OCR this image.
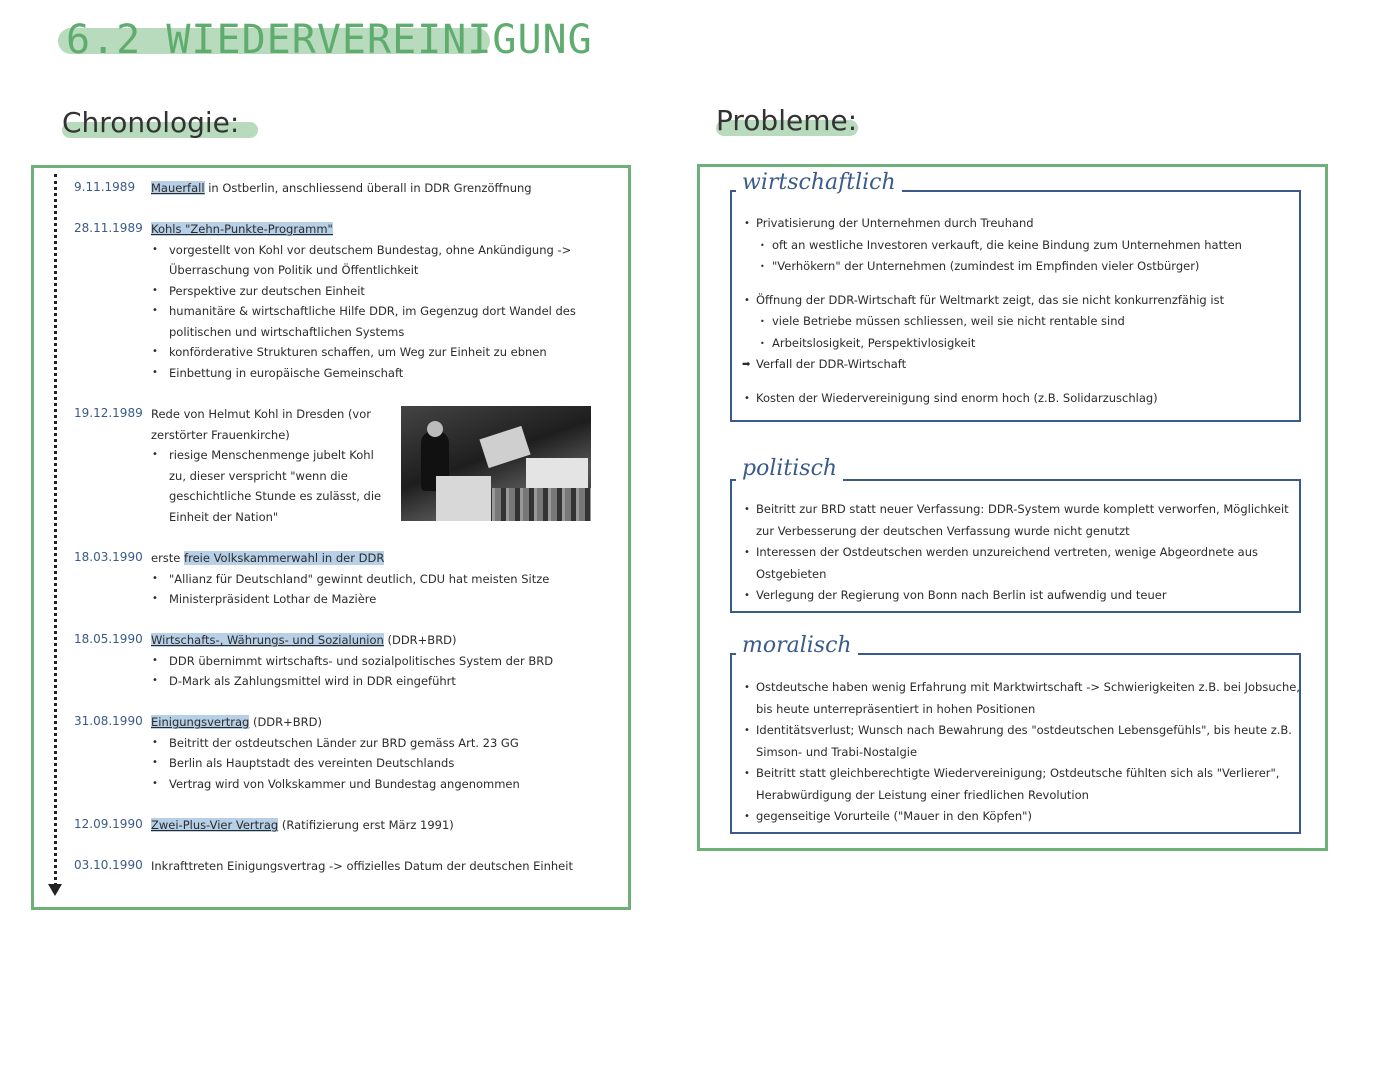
6.2 WIEDERVEREINIGUNG
Chronologie:	Probleme:
9.11.1989 Mauerfall in Ostberlin, anschliessend überall in DDR Grenzöffnung
28.11.1989 Kohls "Zehn-Punkte-Programm"
• vorgestellt von Kohl vor deutschem Bundestag, ohne Ankündigung -> Überraschung von Politik und Öffentlichkeit
• Perspektive zur deutschen Einheit
• humanitäre & wirtschaftliche Hilfe DDR, im Gegenzug dort Wandel des politischen und wirtschaftlichen Systems
• konförderative Strukturen schaffen, um Weg zur Einheit zu ebnen
• Einbettung in europäische Gemeinschaft
19.12.1989 Rede von Helmut Kohl in Dresden (vor zerstörter Frauenkirche)
• riesige Menschenmenge jubelt Kohl zu, dieser verspricht "wenn die geschichtliche Stunde es zulässt, die Einheit der Nation"
18.03.1990 erste freie Volkskammerwahl in der DDR
• "Allianz für Deutschland" gewinnt deutlich, CDU hat meisten Sitze
• Ministerpräsident Lothar de Mazière
18.05.1990 Wirtschafts-, Währungs- und Sozialunion (DDR+BRD)
• DDR übernimmt wirtschafts- und sozialpolitisches System der BRD
• D-Mark als Zahlungsmittel wird in DDR eingeführt
31.08.1990 Einigungsvertrag (DDR+BRD)
• Beitritt der ostdeutschen Länder zur BRD gemäss Art. 23 GG
• Berlin als Hauptstadt des vereinten Deutschlands
• Vertrag wird von Volkskammer und Bundestag angenommen
12.09.1990 Zwei-Plus-Vier Vertrag (Ratifizierung erst März 1991)
03.10.1990 Inkrafttreten Einigungsvertrag -> offizielles Datum der deutschen Einheit
• Privatisierung der Unternehmen durch Treuhand
• oft an westliche Investoren verkauft, die keine Bindung zum Unternehmen hatten
• "Verhökern" der Unternehmen (zumindest im Empfinden vieler Ostbürger)
• Öffnung der DDR-Wirtschaft für Weltmarkt zeigt, das sie nicht konkurrenzfähig ist
• viele Betriebe müssen schliessen, weil sie nicht rentable sind
• Arbeitslosigkeit, Perspektivlosigkeit
➡ Verfall der DDR-Wirtschaft
• Kosten der Wiedervereinigung sind enorm hoch (z.B. Solidarzuschlag)
wirtschaftlich
• Beitritt zur BRD statt neuer Verfassung: DDR-System wurde komplett verworfen, Möglichkeit zur Verbesserung der deutschen Verfassung wurde nicht genutzt
• Interessen der Ostdeutschen werden unzureichend vertreten, wenige Abgeordnete aus Ostgebieten
• Verlegung der Regierung von Bonn nach Berlin ist aufwendig und teuer
politisch
• Ostdeutsche haben wenig Erfahrung mit Marktwirtschaft -> Schwierigkeiten z.B. bei Jobsuche, bis heute unterrepräsentiert in hohen Positionen
• Identitätsverlust; Wunsch nach Bewahrung des "ostdeutschen Lebensgefühls", bis heute z.B. Simson- und Trabi-Nostalgie
• Beitritt statt gleichberechtigte Wiedervereinigung; Ostdeutsche fühlten sich als "Verlierer", Herabwürdigung der Leistung einer friedlichen Revolution
• gegenseitige Vorurteile ("Mauer in den Köpfen")
moralisch
